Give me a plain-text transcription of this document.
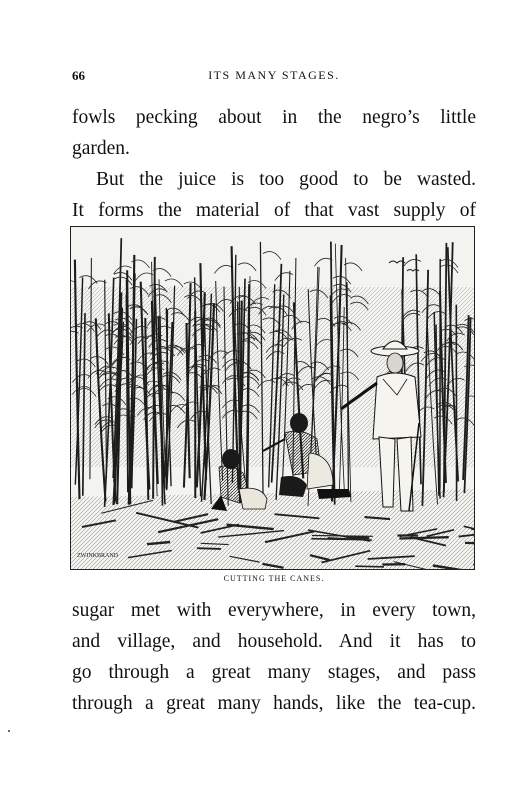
66	ITS MANY STAGES.
fowls pecking about in the negro’s little
garden.
But the juice is too good to be wasted.
It forms the material of that vast supply of
ZWINKBRAND
CUTTING THE CANES.
sugar met with everywhere, in every town,
and village, and household. And it has to
go through a great many stages, and pass
through a great many hands, like the tea-cup.
